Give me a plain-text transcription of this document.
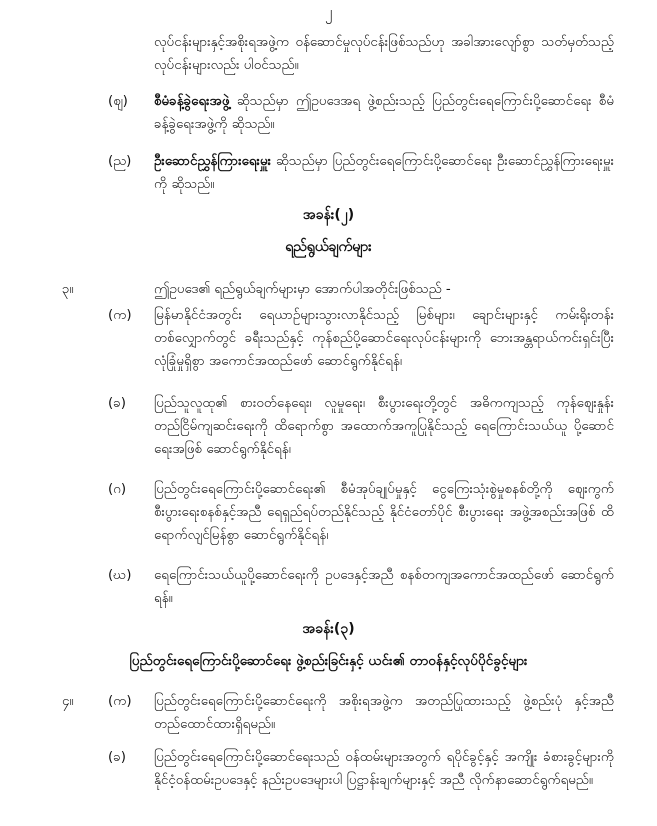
၂
လုပ်ငန်းများနှင့်အစိုးရအဖွဲ့က ဝန်ဆောင်မှုလုပ်ငန်းဖြစ်သည်ဟု အခါအားလျော်စွာ သတ်မှတ်သည့် လုပ်ငန်းများလည်း ပါဝင်သည်။
(ဈ) စီမံခန့်ခွဲရေးအဖွဲ့ ဆိုသည်မှာ ဤဥပဒေအရ ဖွဲ့စည်းသည့် ပြည်တွင်းရေကြောင်းပို့ဆောင်ရေး စီမံခန့်ခွဲရေးအဖွဲ့ကို ဆိုသည်။
(ည) ဦးဆောင်ညွှန်ကြားရေးမှူး ဆိုသည်မှာ ပြည်တွင်းရေကြောင်းပို့ဆောင်ရေး ဦးဆောင်ညွှန်ကြားရေးမှူးကို ဆိုသည်။
အခန်း(၂)
ရည်ရွယ်ချက်များ
၃။	ဤဥပဒေ၏ ရည်ရွယ်ချက်များမှာ အောက်ပါအတိုင်းဖြစ်သည် -
(က) မြန်မာနိုင်ငံအတွင်း ရေယာဉ်များသွားလာနိုင်သည့် မြစ်များ၊ ချောင်းများနှင့် ကမ်းရိုးတန်းတစ်လျှောက်တွင် ခရီးသည်နှင့် ကုန်စည်ပို့ဆောင်ရေးလုပ်ငန်းများကို ဘေးအန္တရာယ်ကင်းရှင်းပြီး လုံခြုံမှုရှိစွာ အကောင်အထည်ဖော် ဆောင်ရွက်နိုင်ရန်၊
(ခ) ပြည်သူလူထု၏ စားဝတ်နေရေး၊ လူမှုရေး၊ စီးပွားရေးတို့တွင် အဓိကကျသည့် ကုန်ဈေးနှုန်း တည်ငြိမ်ကျဆင်းရေးကို ထိရောက်စွာ အထောက်အကူပြုနိုင်သည့် ရေကြောင်းသယ်ယူ ပို့ဆောင်ရေးအဖြစ် ဆောင်ရွက်နိုင်ရန်၊
(ဂ) ပြည်တွင်းရေကြောင်းပို့ဆောင်ရေး၏ စီမံအုပ်ချုပ်မှုနှင့် ငွေကြေးသုံးစွဲမှုစနစ်တို့ကို ဈေးကွက်စီးပွားရေးစနစ်နှင့်အညီ ရေရှည်ရပ်တည်နိုင်သည့် နိုင်ငံတော်ပိုင် စီးပွားရေး အဖွဲ့အစည်းအဖြစ် ထိရောက်လျင်မြန်စွာ ဆောင်ရွက်နိုင်ရန်၊
(ဃ) ရေကြောင်းသယ်ယူပို့ဆောင်ရေးကို ဥပဒေနှင့်အညီ စနစ်တကျအကောင်အထည်ဖော် ဆောင်ရွက်ရန်။
အခန်း(၃)
ပြည်တွင်းရေကြောင်းပို့ဆောင်ရေး ဖွဲ့စည်းခြင်းနှင့် ယင်း၏ တာဝန်နှင့်လုပ်ပိုင်ခွင့်များ
၄။	(က) ပြည်တွင်းရေကြောင်းပို့ဆောင်ရေးကို အစိုးရအဖွဲ့က အတည်ပြုထားသည့် ဖွဲ့စည်းပုံ နှင့်အညီ တည်ထောင်ထားရှိရမည်။
(ခ) ပြည်တွင်းရေကြောင်းပို့ဆောင်ရေးသည် ဝန်ထမ်းများအတွက် ရပိုင်ခွင့်နှင့် အကျိုး ခံစားခွင့်များကို နိုင်ငံ့ဝန်ထမ်းဥပဒေနှင့် နည်းဥပဒေများပါ ပြဋ္ဌာန်းချက်များနှင့် အညီ လိုက်နာဆောင်ရွက်ရမည်။
